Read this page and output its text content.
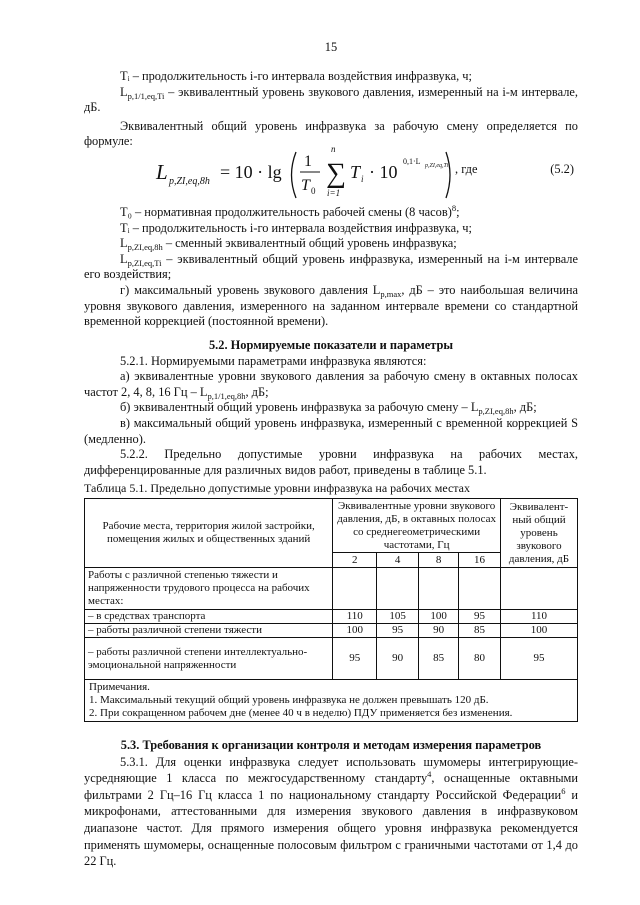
15

Tᵢ – продолжительность i-го интервала воздействия инфразвука, ч;

$L_{p,1/1,eq,Ti}$ – эквивалентный уровень звукового давления, измеренный на i-м интервале, дБ.

Эквивалентный общий уровень инфразвука за рабочую смену определяется по формуле:

L p,ZI,eq,8h = 10 · lg
1
T 0
n
∑
i=1
T i · 10
0,1·L p,ZI,eq,Ti , где	(5.2)

T₀ – нормативная продолжительность рабочей смены (8 часов)$^8$;

Tᵢ – продолжительность i-го интервала воздействия инфразвука, ч;

$L_{p,ZI,eq,8h}$ – сменный эквивалентный общий уровень инфразвука;

$L_{p,ZI,eq,Ti}$ – эквивалентный общий уровень инфразвука, измеренный на i-м интервале его воздействия;

г) максимальный уровень звукового давления $L_{p,max}$, дБ – это наибольшая величина уровня звукового давления, измеренного на заданном интервале времени со стандартной временной коррекцией (постоянной времени).

5.2. Нормируемые показатели и параметры

5.2.1. Нормируемыми параметрами инфразвука являются:

а) эквивалентные уровни звукового давления за рабочую смену в октавных полосах частот 2, 4, 8, 16 Гц – $L_{p,1/1,eq,8h}$, дБ;

б) эквивалентный общий уровень инфразвука за рабочую смену – $L_{p,ZI,eq,8h}$, дБ;

в) максимальный общий уровень инфразвука, измеренный с временной коррекцией S (медленно).

5.2.2. Предельно допустимые уровни инфразвука на рабочих местах, дифференцированные для различных видов работ, приведены в таблице 5.1.

Таблица 5.1. Предельно допустимые уровни инфразвука на рабочих местах
Рабочие места, территория жилой застройки, помещения жилых и общественных зданий	Эквивалентные уровни звукового давления, дБ, в октавных полосах со среднегеометрическими частотами, Гц				Эквивалент-ный общий уровень звукового давления, дБ
	2	4	8	16	
Работы с различной степенью тяжести и напряженности трудового процесса на рабочих местах:					
– в средствах транспорта	110	105	100	95	110
– работы различной степени тяжести	100	95	90	85	100
– работы различной степени интеллектуально-эмоциональной напряженности	95	90	85	80	95

Примечания.
1. Максимальный текущий общий уровень инфразвука не должен превышать 120 дБ.
2. При сокращенном рабочем дне (менее 40 ч в неделю) ПДУ применяется без изменения.					

5.3. Требования к организации контроля и методам измерения параметров

5.3.1. Для оценки инфразвука следует использовать шумомеры интегрирующие-усредняющие 1 класса по межгосударственному стандарту$^4$, оснащенные октавными фильтрами 2 Гц–16 Гц класса 1 по национальному стандарту Российской Федерации$^6$ и микрофонами, аттестованными для измерения звукового давления в инфразвуковом диапазоне частот. Для прямого измерения общего уровня инфразвука рекомендуется применять шумомеры, оснащенные полосовым фильтром с граничными частотами от 1,4 до 22 Гц.
